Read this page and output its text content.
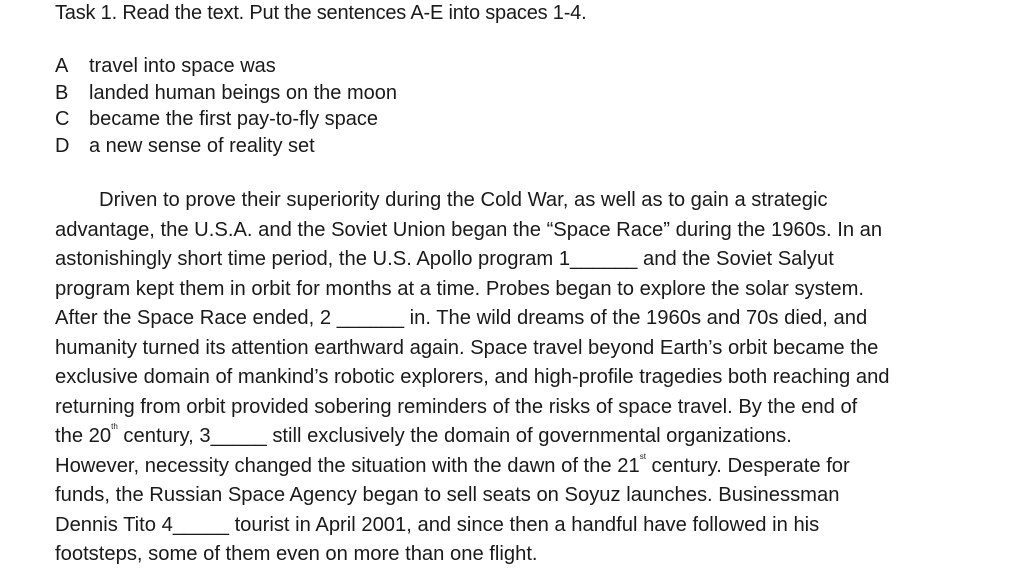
Task 1. Read the text. Put the sentences A-E into spaces 1-4.
A travel into space was
B landed human beings on the moon
C became the first pay-to-fly space
D a new sense of reality set
Driven to prove their superiority during the Cold War, as well as to gain a strategic
advantage, the U.S.A. and the Soviet Union began the “Space Race” during the 1960s. In an
astonishingly short time period, the U.S. Apollo program 1______ and the Soviet Salyut
program kept them in orbit for months at a time. Probes began to explore the solar system.
After the Space Race ended, 2 ______ in. The wild dreams of the 1960s and 70s died, and
humanity turned its attention earthward again. Space travel beyond Earth’s orbit became the
exclusive domain of mankind’s robotic explorers, and high-profile tragedies both reaching and
returning from orbit provided sobering reminders of the risks of space travel. By the end of
the 20th century, 3_____ still exclusively the domain of governmental organizations.
However, necessity changed the situation with the dawn of the 21st century. Desperate for
funds, the Russian Space Agency began to sell seats on Soyuz launches. Businessman
Dennis Tito 4_____ tourist in April 2001, and since then a handful have followed in his
footsteps, some of them even on more than one flight.
